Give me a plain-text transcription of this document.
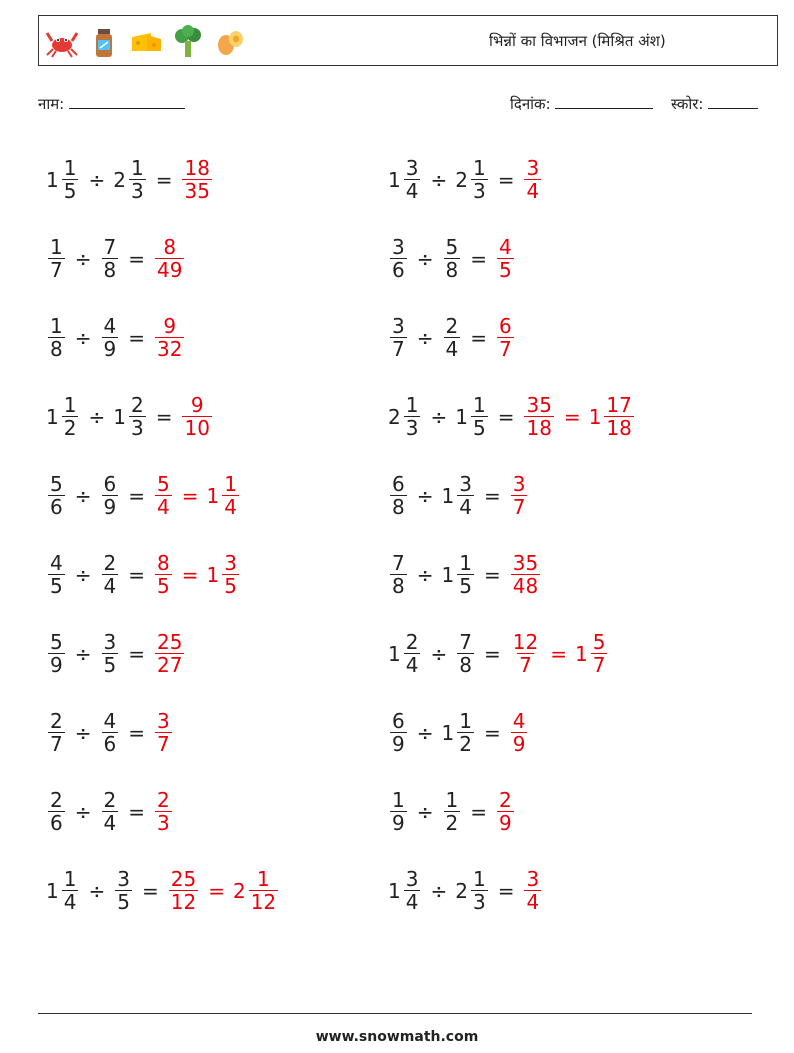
भिन्नों का विभाजन (मिश्रित अंश)
नाम:	दिनांक:	स्कोर:
$1 \frac{1}{5} \div 2 \frac{1}{3} = \frac{18}{35}$
$\frac{1}{7} \div \frac{7}{8} = \frac{8}{49}$
$\frac{1}{8} \div \frac{4}{9} = \frac{9}{32}$
$1 \frac{1}{2} \div 1 \frac{2}{3} = \frac{9}{10}$
$\frac{5}{6} \div \frac{6}{9} = \frac{5}{4} = 1 \frac{1}{4}$
$\frac{4}{5} \div \frac{2}{4} = \frac{8}{5} = 1 \frac{3}{5}$
$\frac{5}{9} \div \frac{3}{5} = \frac{25}{27}$
$\frac{2}{7} \div \frac{4}{6} = \frac{3}{7}$
$\frac{2}{6} \div \frac{2}{4} = \frac{2}{3}$
$1 \frac{1}{4} \div \frac{3}{5} = \frac{25}{12} = 2 \frac{1}{12}$
$1 \frac{3}{4} \div 2 \frac{1}{3} = \frac{3}{4}$
$\frac{3}{6} \div \frac{5}{8} = \frac{4}{5}$
$\frac{3}{7} \div \frac{2}{4} = \frac{6}{7}$
$2 \frac{1}{3} \div 1 \frac{1}{5} = \frac{35}{18} = 1 \frac{17}{18}$
$\frac{6}{8} \div 1 \frac{3}{4} = \frac{3}{7}$
$\frac{7}{8} \div 1 \frac{1}{5} = \frac{35}{48}$
$1 \frac{2}{4} \div \frac{7}{8} = \frac{12}{7} = 1 \frac{5}{7}$
$\frac{6}{9} \div 1 \frac{1}{2} = \frac{4}{9}$
$\frac{1}{9} \div \frac{1}{2} = \frac{2}{9}$
$1 \frac{3}{4} \div 2 \frac{1}{3} = \frac{3}{4}$
www.snowmath.com
